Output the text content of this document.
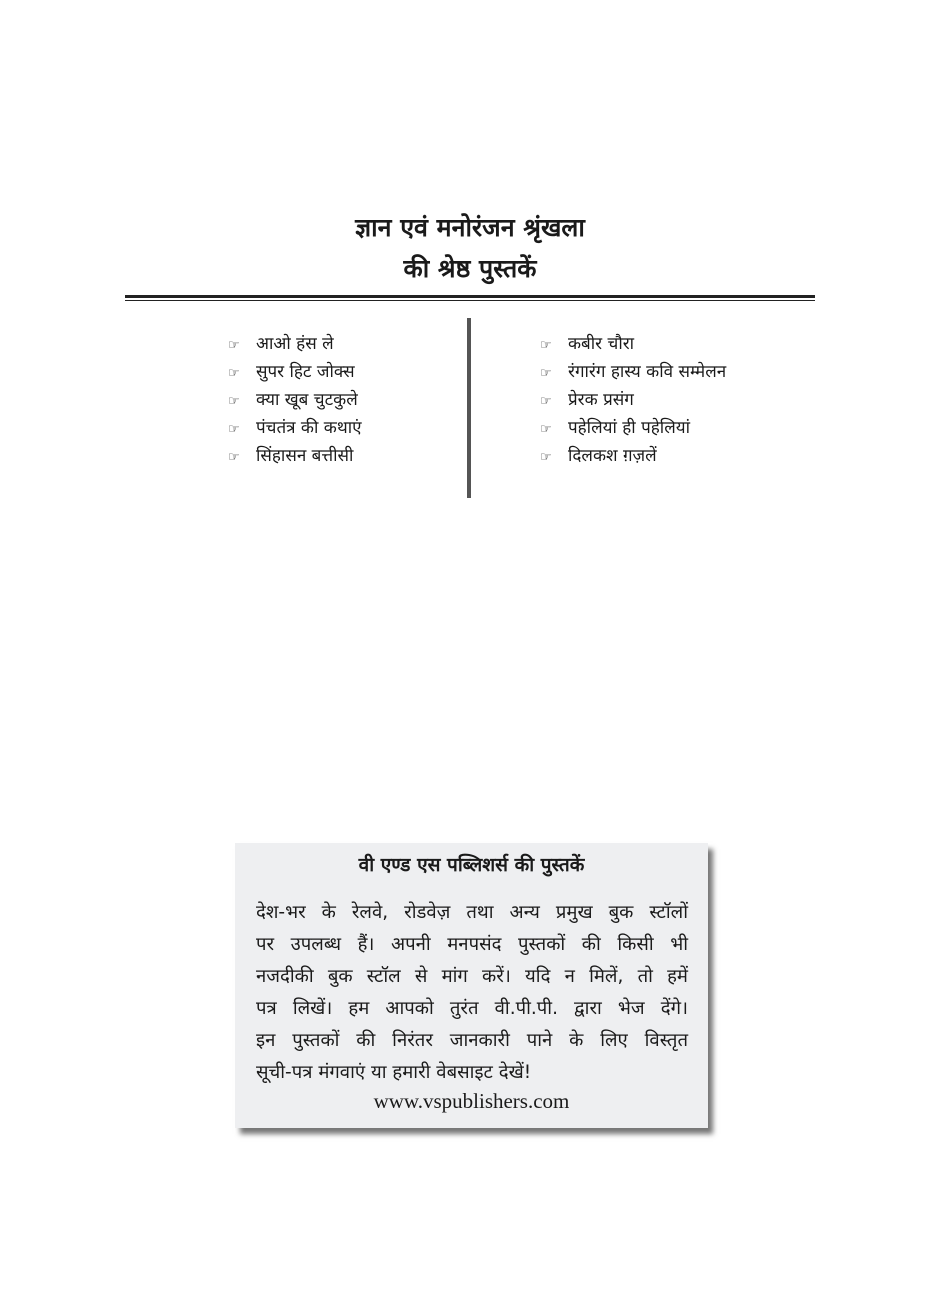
ज्ञान एवं मनोरंजन श्रृंखला
की श्रेष्ठ पुस्तकें
☞ आओ हंस ले
☞ सुपर हिट जोक्स
☞ क्या खूब चुटकुले
☞ पंचतंत्र की कथाएं
☞ सिंहासन बत्तीसी
☞ कबीर चौरा
☞ रंगारंग हास्य कवि सम्मेलन
☞ प्रेरक प्रसंग
☞ पहेलियां ही पहेलियां
☞ दिलकश ग़ज़लें
वी एण्ड एस पब्लिशर्स की पुस्तकें
देश-भर के रेलवे, रोडवेज़ तथा अन्य प्रमुख बुक स्टॉलों
पर उपलब्ध हैं। अपनी मनपसंद पुस्तकों की किसी भी
नजदीकी बुक स्टॉल से मांग करें। यदि न मिलें, तो हमें
पत्र लिखें। हम आपको तुरंत वी.पी.पी. द्वारा भेज देंगे।
इन पुस्तकों की निरंतर जानकारी पाने के लिए विस्तृत
सूची-पत्र मंगवाएं या हमारी वेबसाइट देखें!
www.vspublishers.com
